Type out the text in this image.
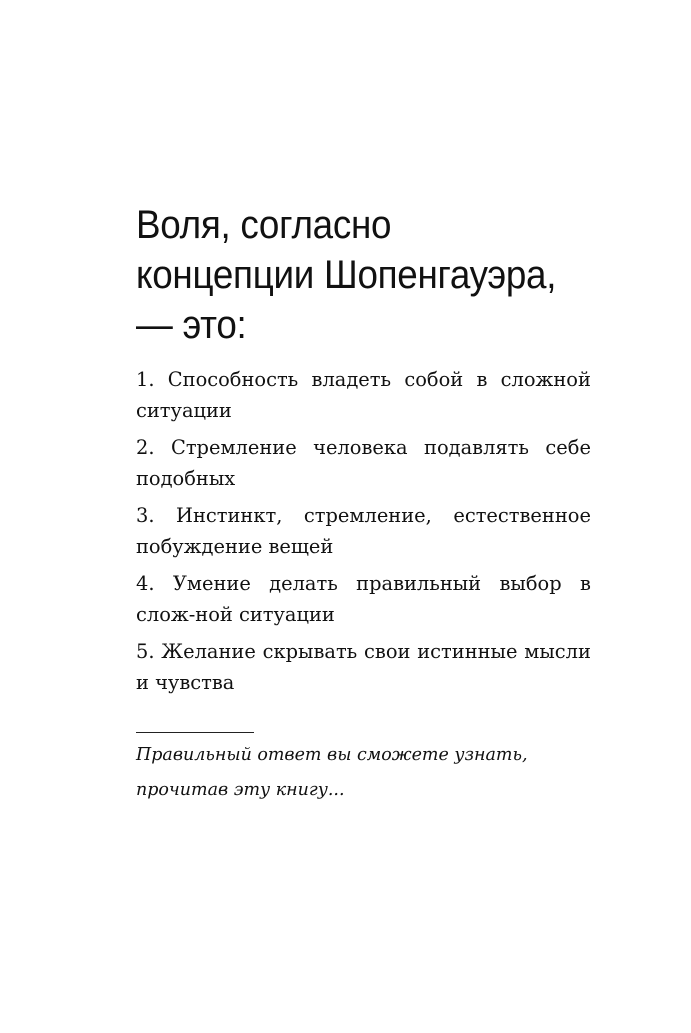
Воля, согласно концепции Шопенгауэра, — это:
1. Способность владеть собой в сложной ситуации
2. Стремление человека подавлять себе подобных
3. Инстинкт, стремление, естественное побуждение вещей
4. Умение делать правильный выбор в слож-ной ситуации
5. Желание скрывать свои истинные мысли и чувства

Правильный ответ вы сможете узнать, прочитав эту книгу...
